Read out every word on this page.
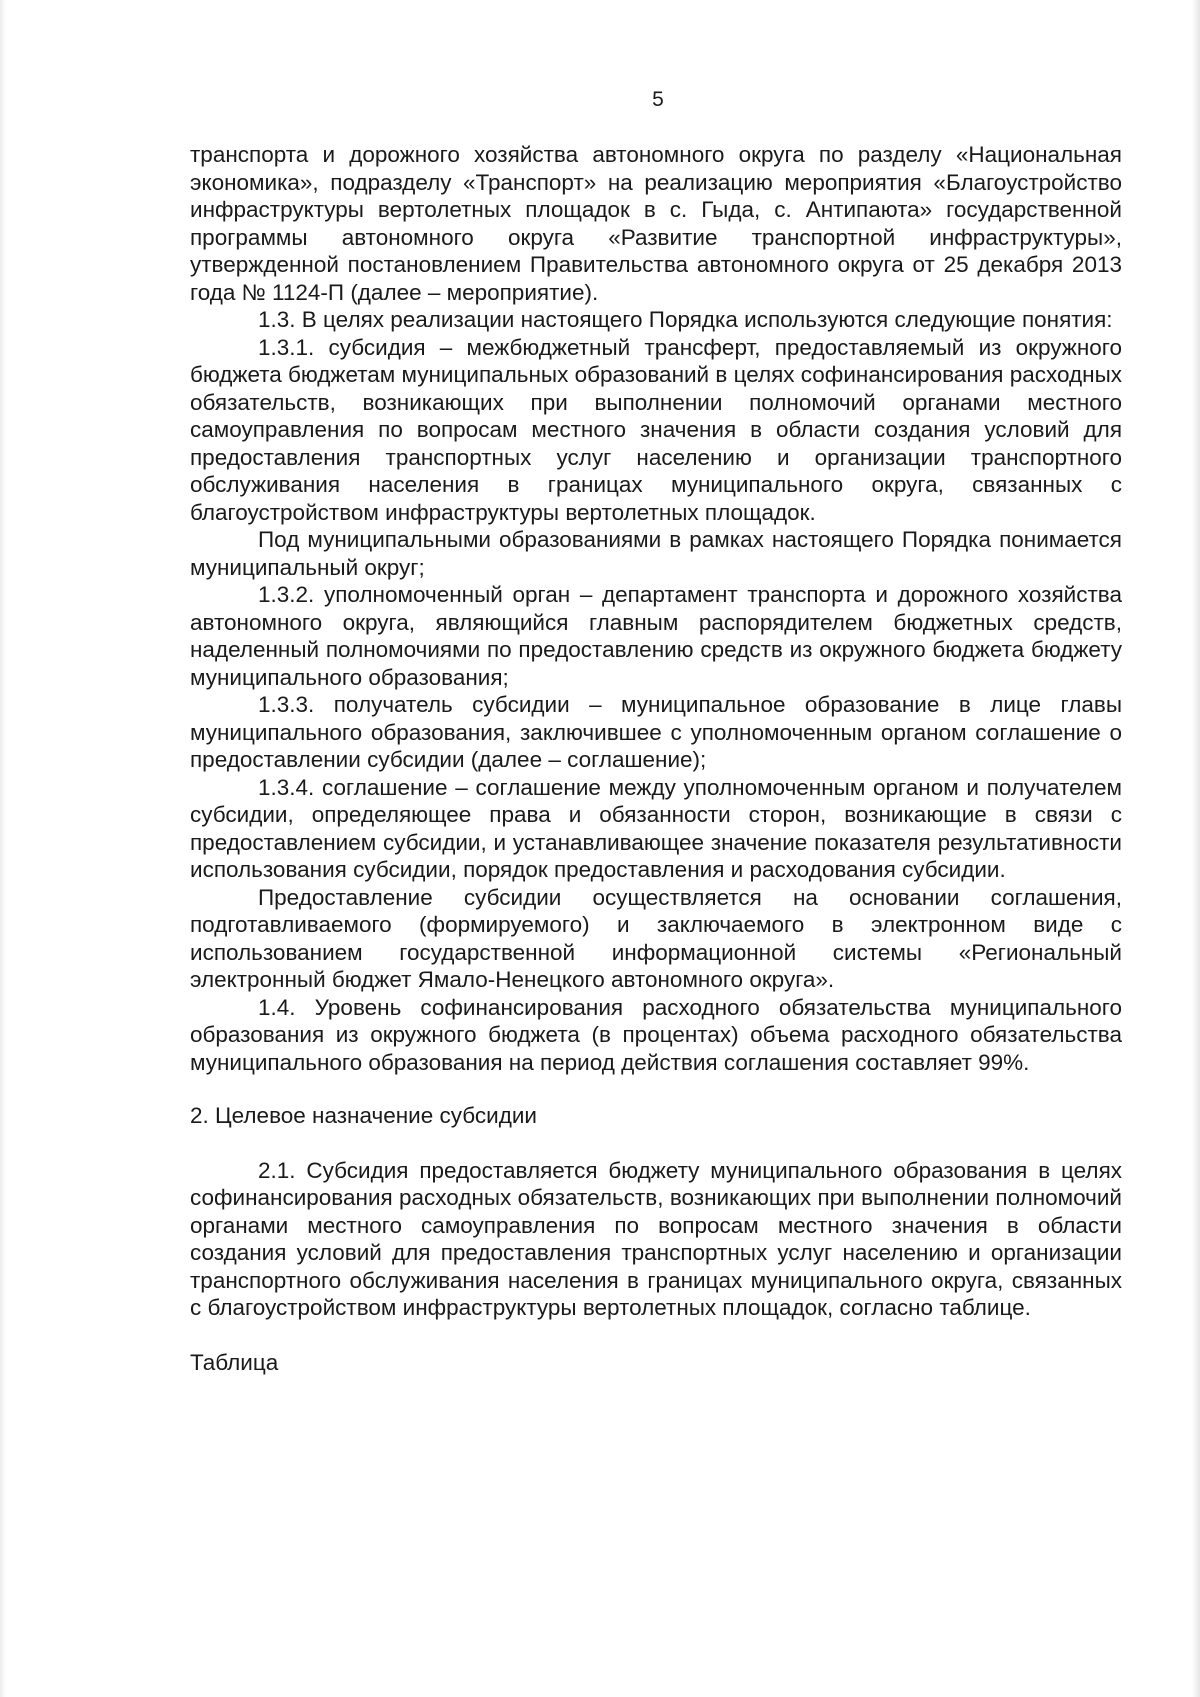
5

транспорта и дорожного хозяйства автономного округа по разделу «Национальная экономика», подразделу «Транспорт» на реализацию мероприятия «Благоустройство инфраструктуры вертолетных площадок в с. Гыда, с. Антипаюта» государственной программы автономного округа «Развитие транспортной инфраструктуры», утвержденной постановлением Правительства автономного округа от 25 декабря 2013 года № 1124-П (далее – мероприятие).

1.3. В целях реализации настоящего Порядка используются следующие понятия:

1.3.1. субсидия – межбюджетный трансферт, предоставляемый из окружного бюджета бюджетам муниципальных образований в целях софинансирования расходных обязательств, возникающих при выполнении полномочий органами местного самоуправления по вопросам местного значения в области создания условий для предоставления транспортных услуг населению и организации транспортного обслуживания населения в границах муниципального округа, связанных с благоустройством инфраструктуры вертолетных площадок.

Под муниципальными образованиями в рамках настоящего Порядка понимается муниципальный округ;

1.3.2. уполномоченный орган – департамент транспорта и дорожного хозяйства автономного округа, являющийся главным распорядителем бюджетных средств, наделенный полномочиями по предоставлению средств из окружного бюджета бюджету муниципального образования;

1.3.3. получатель субсидии – муниципальное образование в лице главы муниципального образования, заключившее с уполномоченным органом соглашение о предоставлении субсидии (далее – соглашение);

1.3.4. соглашение – соглашение между уполномоченным органом и получателем субсидии, определяющее права и обязанности сторон, возникающие в связи с предоставлением субсидии, и устанавливающее значение показателя результативности использования субсидии, порядок предоставления и расходования субсидии.

Предоставление субсидии осуществляется на основании соглашения, подготавливаемого (формируемого) и заключаемого в электронном виде с использованием государственной информационной системы «Региональный электронный бюджет Ямало-Ненецкого автономного округа».

1.4. Уровень софинансирования расходного обязательства муниципального образования из окружного бюджета (в процентах) объема расходного обязательства муниципального образования на период действия соглашения составляет 99%.

2. Целевое назначение субсидии

2.1. Субсидия предоставляется бюджету муниципального образования в целях софинансирования расходных обязательств, возникающих при выполнении полномочий органами местного самоуправления по вопросам местного значения в области создания условий для предоставления транспортных услуг населению и организации транспортного обслуживания населения в границах муниципального округа, связанных с благоустройством инфраструктуры вертолетных площадок, согласно таблице.

Таблица
